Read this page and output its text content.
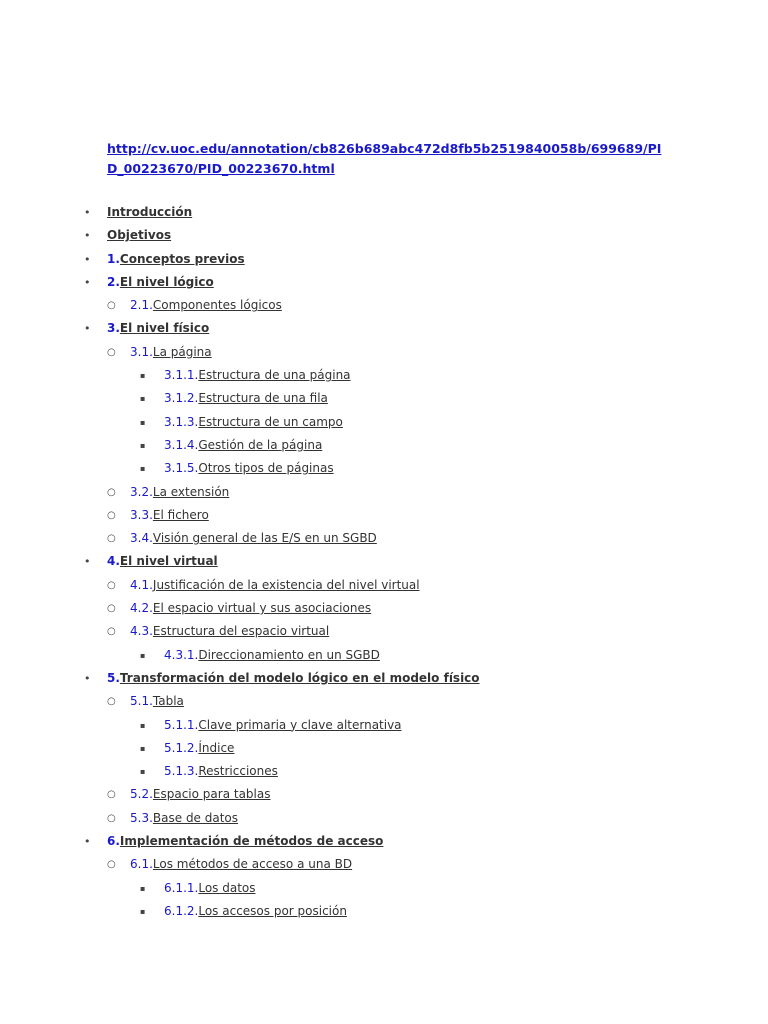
http://cv.uoc.edu/annotation/cb826b689abc472d8fb5b2519840058b/699689/PID_00223670/PID_00223670.html
• Introducción
• Objetivos
• 1.Conceptos previos
• 2.El nivel lógico
○ 2.1.Componentes lógicos
• 3.El nivel físico
○ 3.1.La página
▪ 3.1.1.Estructura de una página
▪ 3.1.2.Estructura de una fila
▪ 3.1.3.Estructura de un campo
▪ 3.1.4.Gestión de la página
▪ 3.1.5.Otros tipos de páginas
○ 3.2.La extensión
○ 3.3.El fichero
○ 3.4.Visión general de las E/S en un SGBD
• 4.El nivel virtual
○ 4.1.Justificación de la existencia del nivel virtual
○ 4.2.El espacio virtual y sus asociaciones
○ 4.3.Estructura del espacio virtual
▪ 4.3.1.Direccionamiento en un SGBD
• 5.Transformación del modelo lógico en el modelo físico
○ 5.1.Tabla
▪ 5.1.1.Clave primaria y clave alternativa
▪ 5.1.2.Índice
▪ 5.1.3.Restricciones
○ 5.2.Espacio para tablas
○ 5.3.Base de datos
• 6.Implementación de métodos de acceso
○ 6.1.Los métodos de acceso a una BD
▪ 6.1.1.Los datos
▪ 6.1.2.Los accesos por posición
